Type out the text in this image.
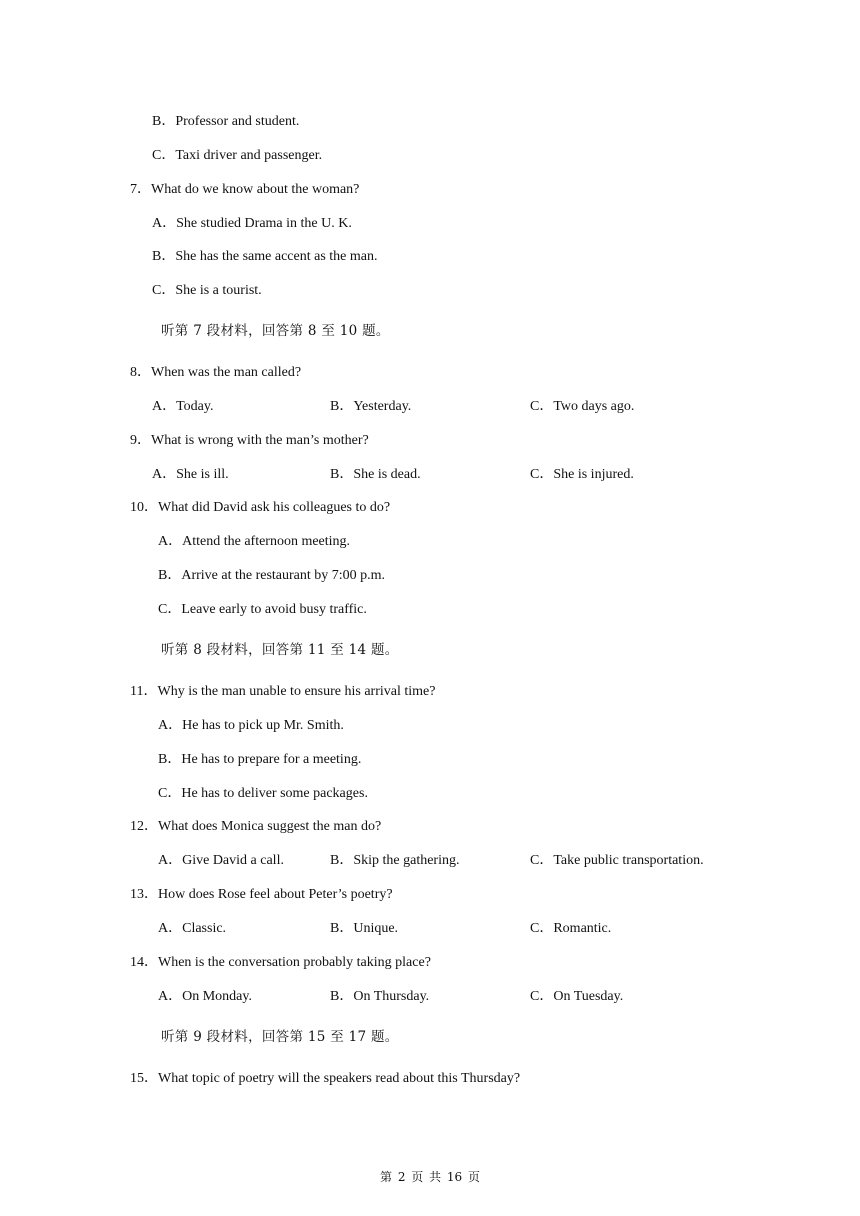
B．Professor and student.
C．Taxi driver and passenger.
7．What do we know about the woman?
A．She studied Drama in the U. K.
B．She has the same accent as the man.
C．She is a tourist.
听第 7 段材料，回答第 8 至 10 题。
8．When was the man called?
A．Today.	B．Yesterday.	C．Two days ago.
9．What is wrong with the man’s mother?
A．She is ill.	B．She is dead.	C．She is injured.
10．What did David ask his colleagues to do?
A．Attend the afternoon meeting.
B．Arrive at the restaurant by 7:00 p.m.
C．Leave early to avoid busy traffic.
听第 8 段材料，回答第 11 至 14 题。
11．Why is the man unable to ensure his arrival time?
A．He has to pick up Mr. Smith.
B．He has to prepare for a meeting.
C．He has to deliver some packages.
12．What does Monica suggest the man do?
A．Give David a call.	B．Skip the gathering.	C．Take public transportation.
13．How does Rose feel about Peter’s poetry?
A．Classic.	B．Unique.	C．Romantic.
14．When is the conversation probably taking place?
A．On Monday.	B．On Thursday.	C．On Tuesday.
听第 9 段材料，回答第 15 至 17 题。
15．What topic of poetry will the speakers read about this Thursday?
第 2 页 共 16 页
